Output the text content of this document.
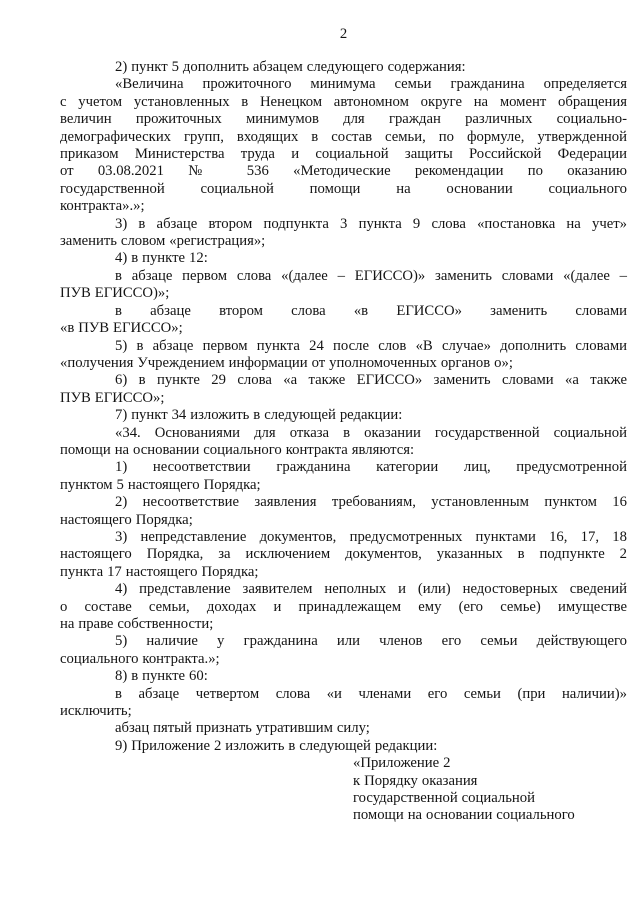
2
2) пункт 5 дополнить абзацем следующего содержания:
«Величина прожиточного минимума семьи гражданина определяется
с учетом установленных в Ненецком автономном округе на момент обращения
величин прожиточных минимумов для граждан различных социально-
демографических групп, входящих в состав семьи, по формуле, утвержденной
приказом Министерства труда и социальной защиты Российской Федерации
от 03.08.2021 № 536 «Методические рекомендации по оказанию
государственной социальной помощи на основании социального
контракта».»;
3) в абзаце втором подпункта 3 пункта 9 слова «постановка на учет»
заменить словом «регистрация»;
4) в пункте 12:
в абзаце первом слова «(далее – ЕГИССО)» заменить словами «(далее –
ПУВ ЕГИССО)»;
в абзаце втором слова «в ЕГИССО» заменить словами
«в ПУВ ЕГИССО»;
5) в абзаце первом пункта 24 после слов «В случае» дополнить словами
«получения Учреждением информации от уполномоченных органов о»;
6) в пункте 29 слова «а также ЕГИССО» заменить словами «а также
ПУВ ЕГИССО»;
7) пункт 34 изложить в следующей редакции:
«34. Основаниями для отказа в оказании государственной социальной
помощи на основании социального контракта являются:
1) несоответствии гражданина категории лиц, предусмотренной
пунктом 5 настоящего Порядка;
2) несоответствие заявления требованиям, установленным пунктом 16
настоящего Порядка;
3) непредставление документов, предусмотренных пунктами 16, 17, 18
настоящего Порядка, за исключением документов, указанных в подпункте 2
пункта 17 настоящего Порядка;
4) представление заявителем неполных и (или) недостоверных сведений
о составе семьи, доходах и принадлежащем ему (его семье) имуществе
на праве собственности;
5) наличие у гражданина или членов его семьи действующего
социального контракта.»;
8) в пункте 60:
в абзаце четвертом слова «и членами его семьи (при наличии)»
исключить;
абзац пятый признать утратившим силу;
9) Приложение 2 изложить в следующей редакции:
«Приложение 2
к Порядку оказания
государственной социальной
помощи на основании социального
